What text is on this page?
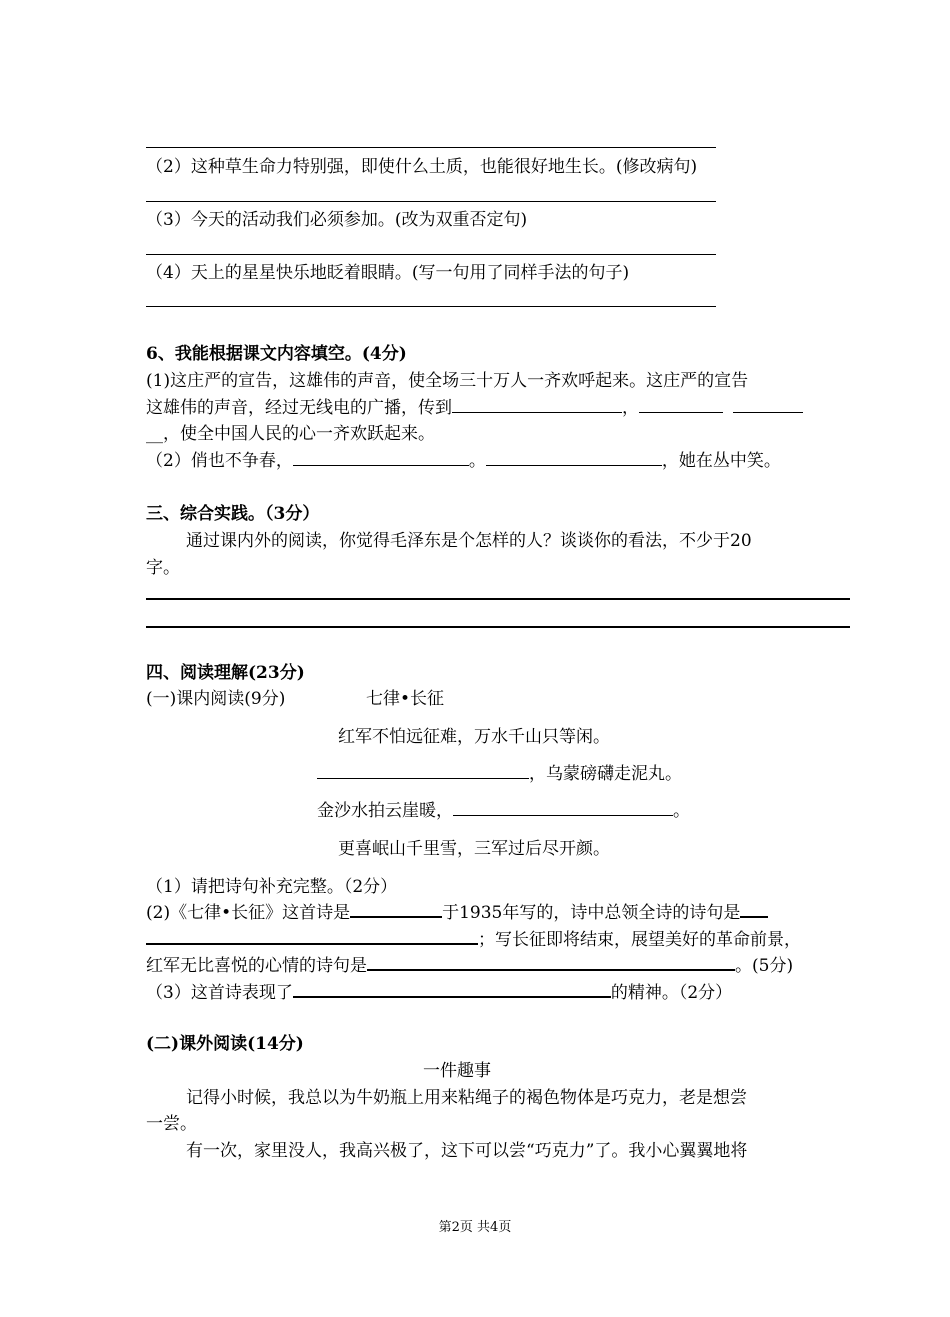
（2）这种草生命力特别强，即使什么土质，也能很好地生长。(修改病句)
（3）今天的活动我们必须参加。(改为双重否定句)
（4）天上的星星快乐地眨着眼睛。(写一句用了同样手法的句子)
6、我能根据课文内容填空。(4分)
(1)这庄严的宣告，这雄伟的声音，使全场三十万人一齐欢呼起来。这庄严的宣告
这雄伟的声音，经过无线电的广播，传到	，
__，使全中国人民的心一齐欢跃起来。
（2）俏也不争春，	。	，她在丛中笑。
三、综合实践。（3分）
通过课内外的阅读，你觉得毛泽东是个怎样的人？谈谈你的看法，不少于20
字。
四、阅读理解(23分)
(一)课内阅读(9分)	七律•长征
红军不怕远征难，万水千山只等闲。
，乌蒙磅礴走泥丸。
金沙水拍云崖暖，	。
更喜岷山千里雪，三军过后尽开颜。
（1）请把诗句补充完整。（2分）
(2)《七律•长征》这首诗是	于1935年写的，诗中总领全诗的诗句是
；写长征即将结束，展望美好的革命前景，
红军无比喜悦的心情的诗句是	。(5分)
（3）这首诗表现了	的精神。（2分）
(二)课外阅读(14分)
一件趣事
记得小时候，我总以为牛奶瓶上用来粘绳子的褐色物体是巧克力，老是想尝
一尝。
有一次，家里没人，我高兴极了，这下可以尝“巧克力”了。我小心翼翼地将
第2页 共4页
